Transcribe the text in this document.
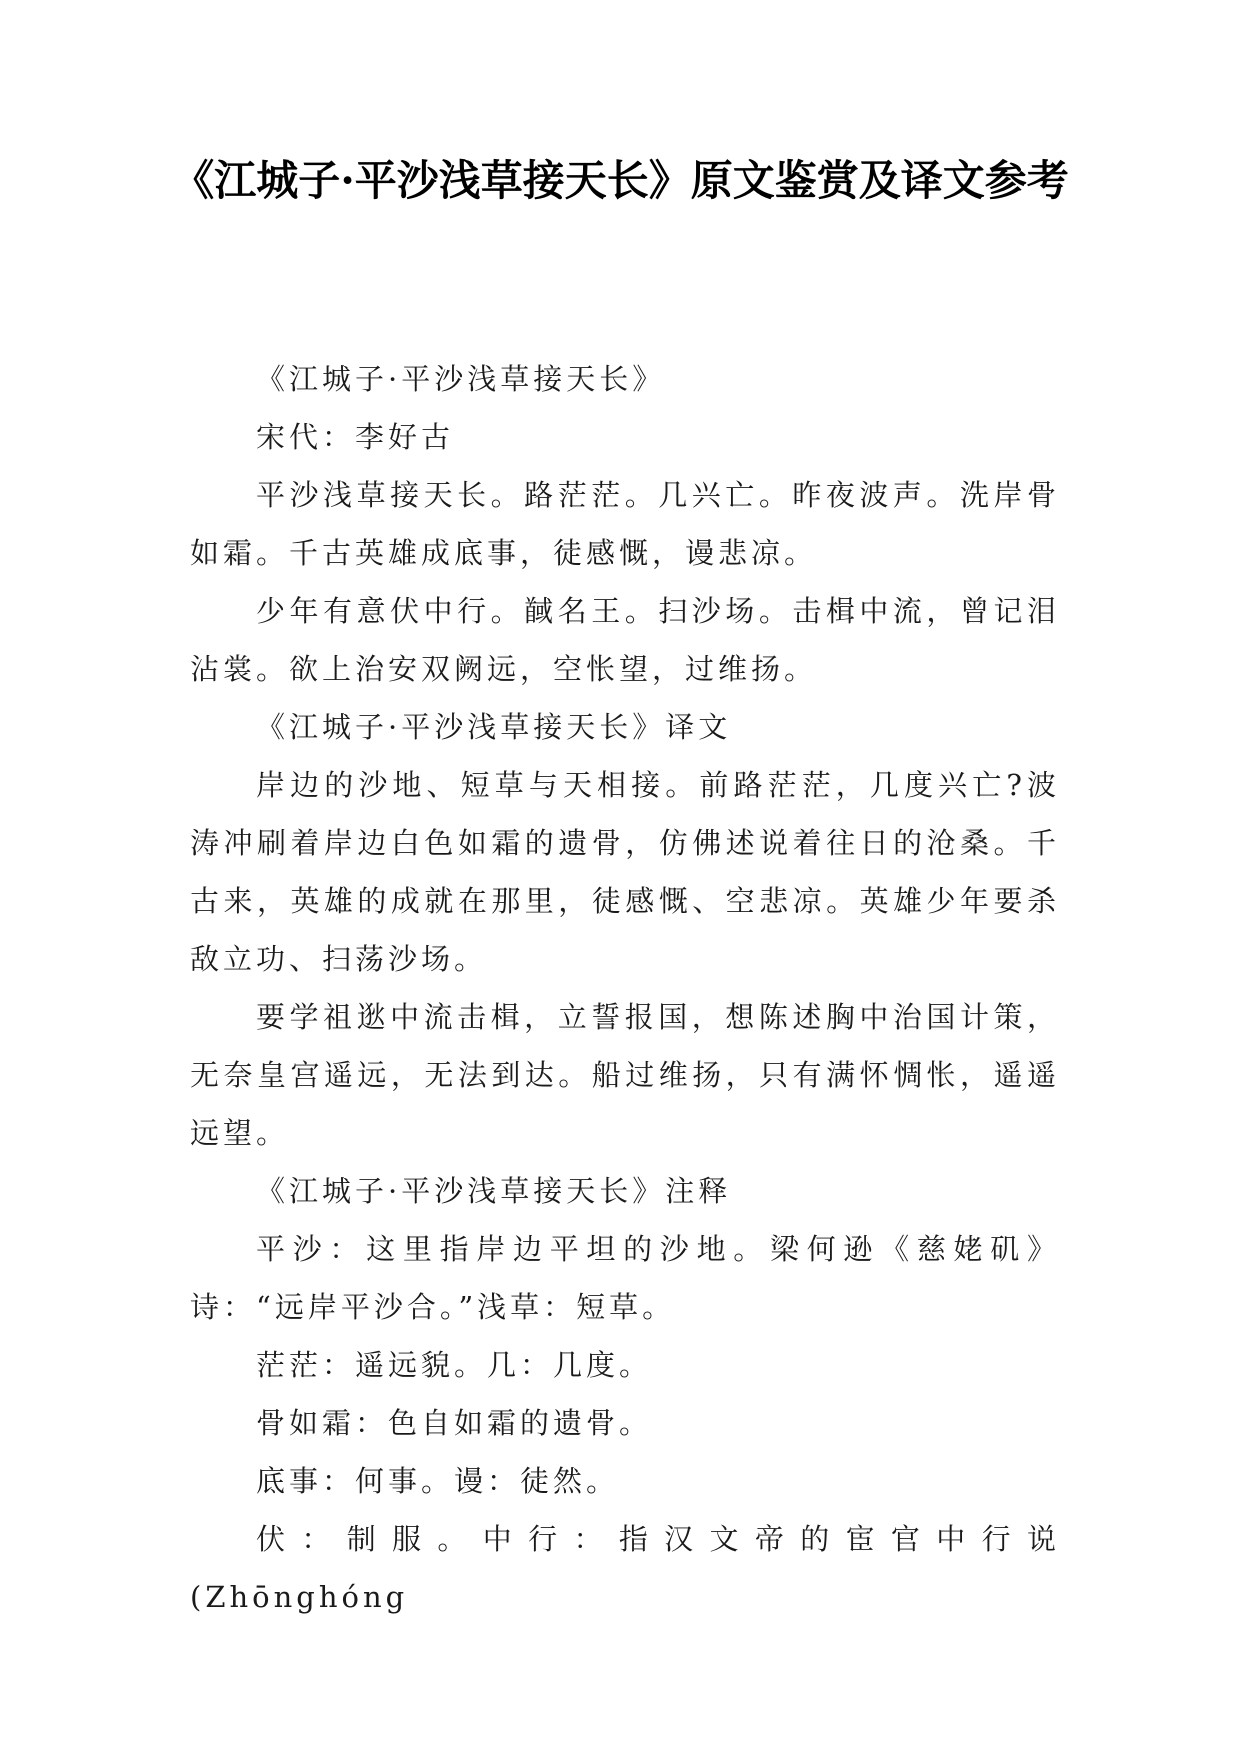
《江城子·平沙浅草接天长》原文鉴赏及译文参考

《江城子·平沙浅草接天长》

宋代：李好古

平沙浅草接天长。路茫茫。几兴亡。昨夜波声。洗岸骨如霜。千古英雄成底事，徒感慨，谩悲凉。

少年有意伏中行。馘名王。扫沙场。击楫中流，曾记泪沾裳。欲上治安双阙远，空怅望，过维扬。

《江城子·平沙浅草接天长》译文

岸边的沙地、短草与天相接。前路茫茫，几度兴亡?波涛冲刷着岸边白色如霜的遗骨，仿佛述说着往日的沧桑。千古来，英雄的成就在那里，徒感慨、空悲凉。英雄少年要杀敌立功、扫荡沙场。

要学祖逖中流击楫，立誓报国，想陈述胸中治国计策，无奈皇宫遥远，无法到达。船过维扬，只有满怀惆怅，遥遥远望。

《江城子·平沙浅草接天长》注释

平沙：这里指岸边平坦的沙地。梁何逊《慈姥矶》诗：“远岸平沙合。”浅草：短草。

茫茫：遥远貌。几：几度。

骨如霜：色自如霜的遗骨。

底事：何事。谩：徒然。

伏：制服。中行：指汉文帝的宦官中行说(Zhōnghóng
